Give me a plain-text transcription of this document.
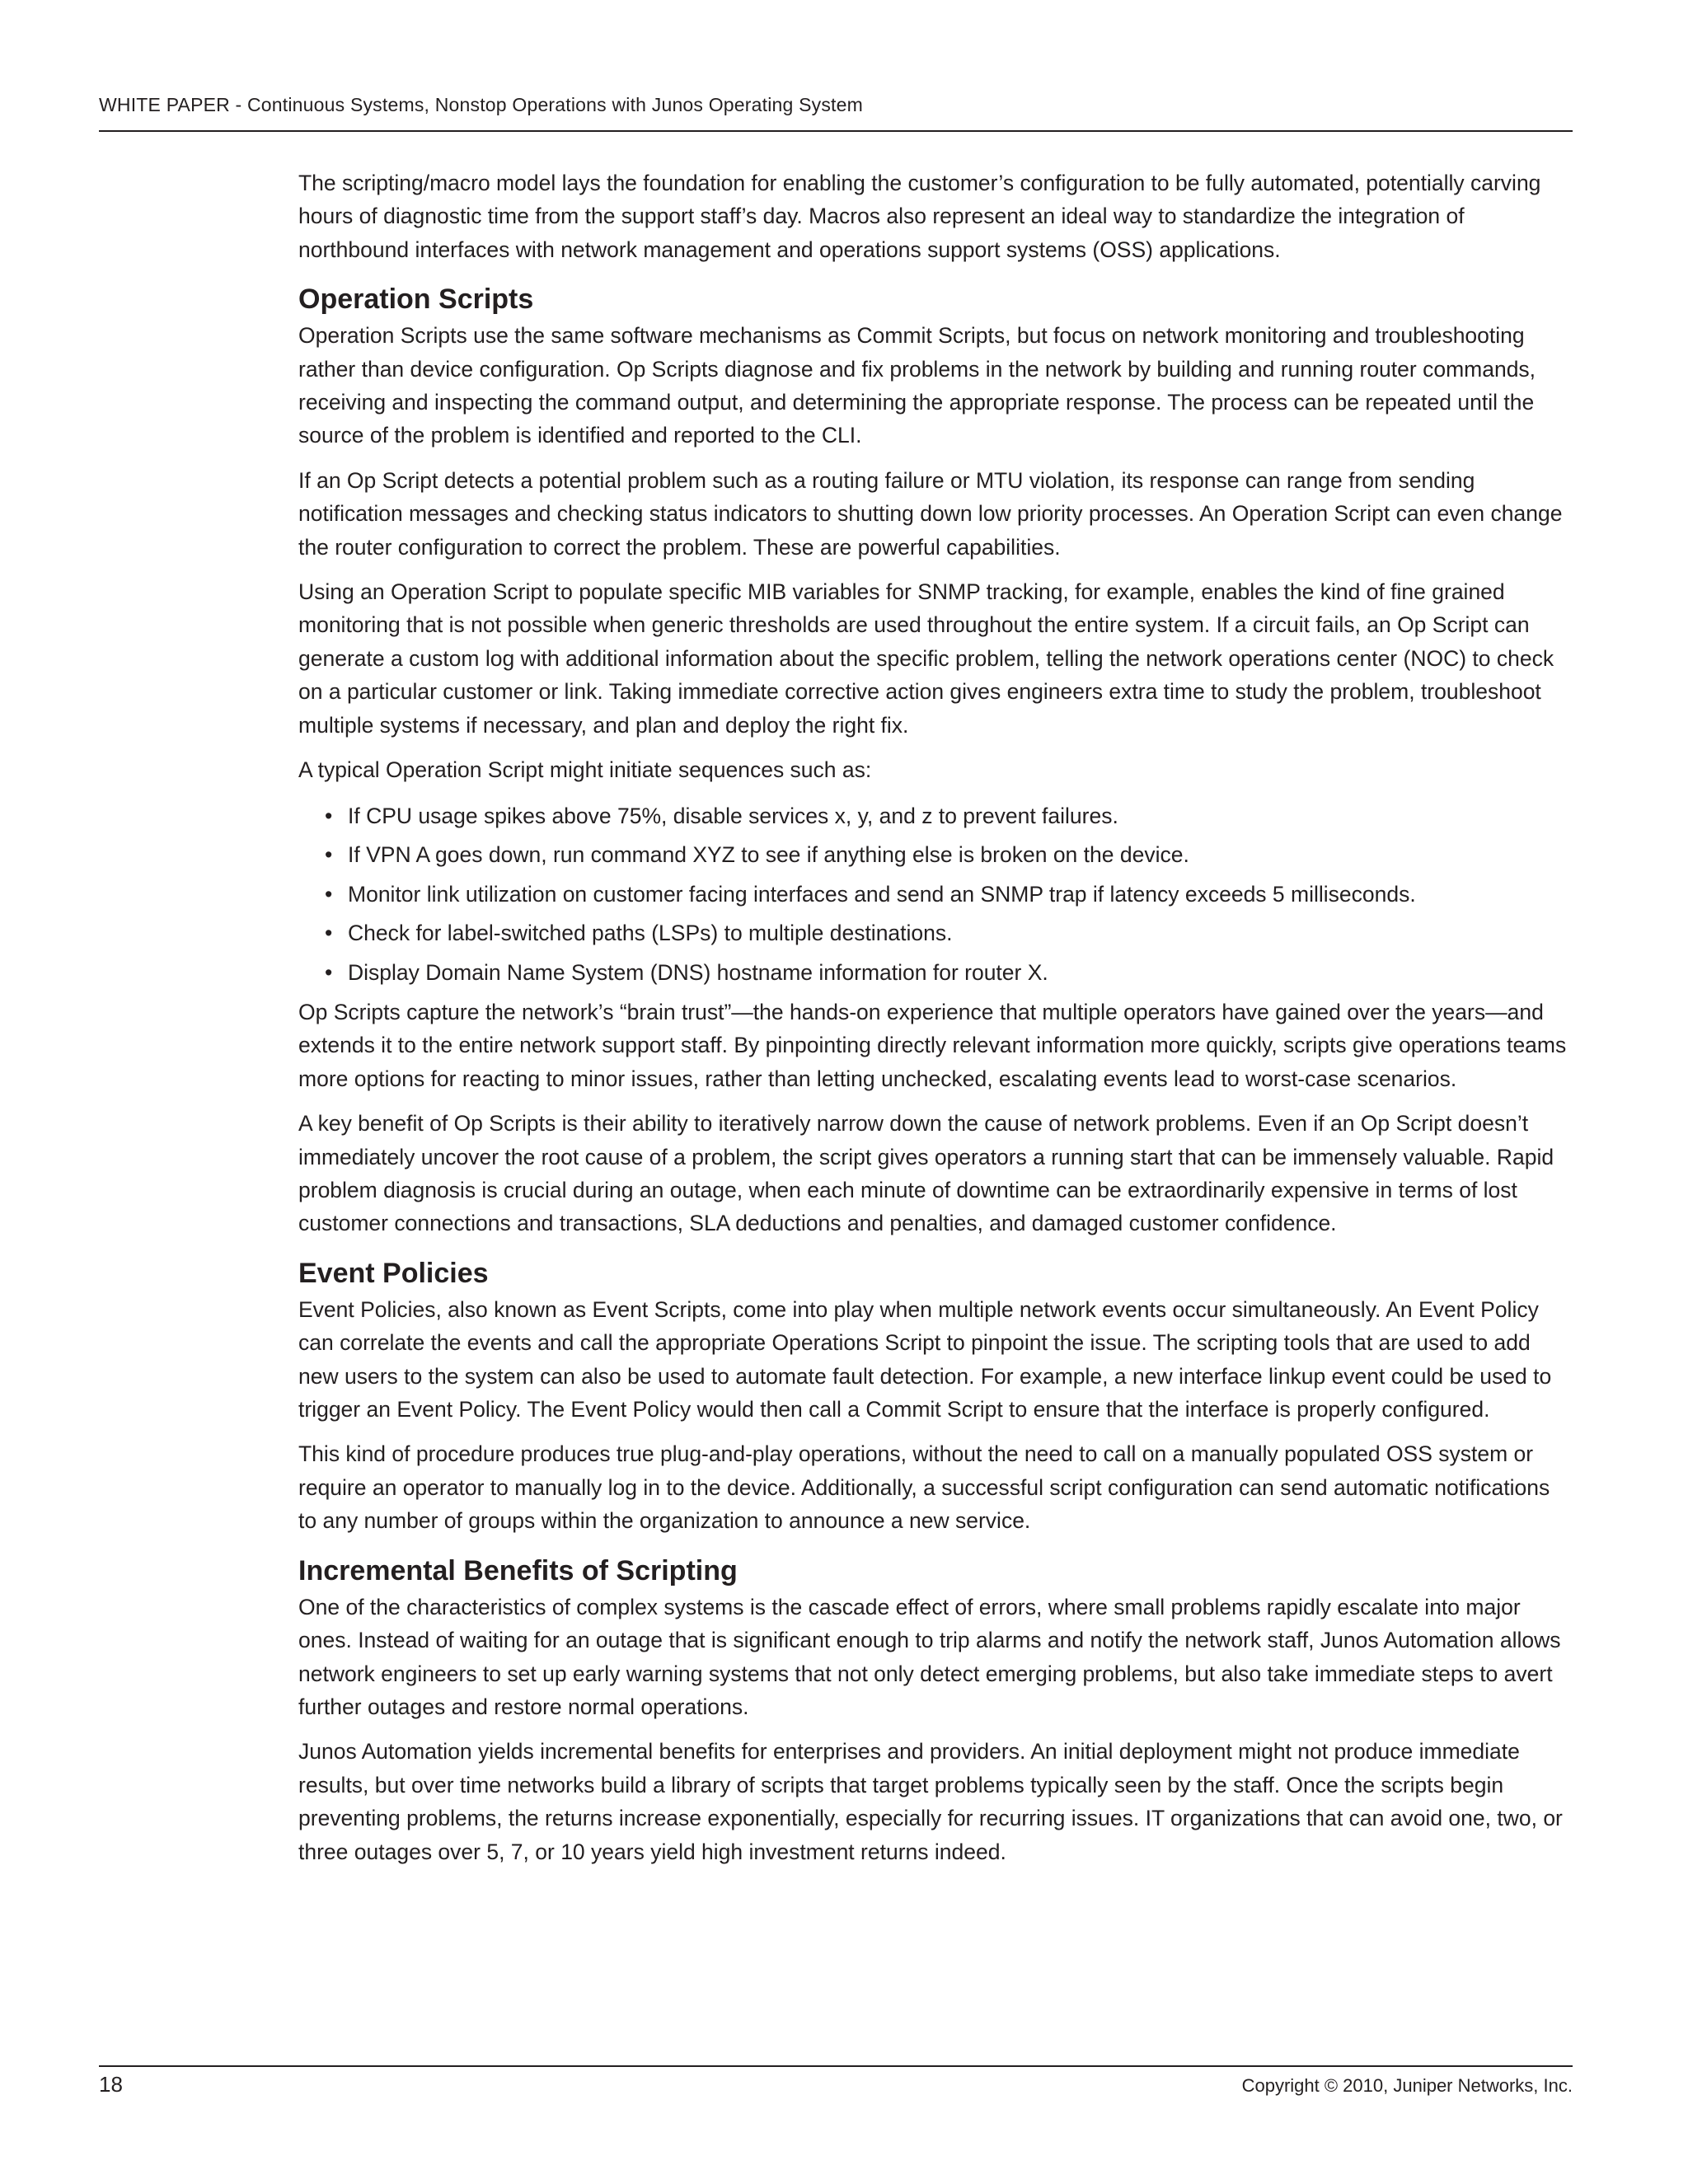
WHITE PAPER - Continuous Systems, Nonstop Operations with Junos Operating System

The scripting/macro model lays the foundation for enabling the customer’s configuration to be fully automated, potentially carving hours of diagnostic time from the support staff’s day. Macros also represent an ideal way to standardize the integration of northbound interfaces with network management and operations support systems (OSS) applications.

Operation Scripts

Operation Scripts use the same software mechanisms as Commit Scripts, but focus on network monitoring and troubleshooting rather than device configuration. Op Scripts diagnose and fix problems in the network by building and running router commands, receiving and inspecting the command output, and determining the appropriate response. The process can be repeated until the source of the problem is identified and reported to the CLI.

If an Op Script detects a potential problem such as a routing failure or MTU violation, its response can range from sending notification messages and checking status indicators to shutting down low priority processes. An Operation Script can even change the router configuration to correct the problem. These are powerful capabilities.

Using an Operation Script to populate specific MIB variables for SNMP tracking, for example, enables the kind of fine grained monitoring that is not possible when generic thresholds are used throughout the entire system. If a circuit fails, an Op Script can generate a custom log with additional information about the specific problem, telling the network operations center (NOC) to check on a particular customer or link. Taking immediate corrective action gives engineers extra time to study the problem, troubleshoot multiple systems if necessary, and plan and deploy the right fix.

A typical Operation Script might initiate sequences such as:

• If CPU usage spikes above 75%, disable services x, y, and z to prevent failures.
• If VPN A goes down, run command XYZ to see if anything else is broken on the device.
• Monitor link utilization on customer facing interfaces and send an SNMP trap if latency exceeds 5 milliseconds.
• Check for label-switched paths (LSPs) to multiple destinations.
• Display Domain Name System (DNS) hostname information for router X.

Op Scripts capture the network’s “brain trust”—the hands-on experience that multiple operators have gained over the years—and extends it to the entire network support staff. By pinpointing directly relevant information more quickly, scripts give operations teams more options for reacting to minor issues, rather than letting unchecked, escalating events lead to worst-case scenarios.

A key benefit of Op Scripts is their ability to iteratively narrow down the cause of network problems. Even if an Op Script doesn’t immediately uncover the root cause of a problem, the script gives operators a running start that can be immensely valuable. Rapid problem diagnosis is crucial during an outage, when each minute of downtime can be extraordinarily expensive in terms of lost customer connections and transactions, SLA deductions and penalties, and damaged customer confidence.

Event Policies

Event Policies, also known as Event Scripts, come into play when multiple network events occur simultaneously. An Event Policy can correlate the events and call the appropriate Operations Script to pinpoint the issue. The scripting tools that are used to add new users to the system can also be used to automate fault detection. For example, a new interface linkup event could be used to trigger an Event Policy. The Event Policy would then call a Commit Script to ensure that the interface is properly configured.

This kind of procedure produces true plug-and-play operations, without the need to call on a manually populated OSS system or require an operator to manually log in to the device. Additionally, a successful script configuration can send automatic notifications to any number of groups within the organization to announce a new service.

Incremental Benefits of Scripting

One of the characteristics of complex systems is the cascade effect of errors, where small problems rapidly escalate into major ones. Instead of waiting for an outage that is significant enough to trip alarms and notify the network staff, Junos Automation allows network engineers to set up early warning systems that not only detect emerging problems, but also take immediate steps to avert further outages and restore normal operations.

Junos Automation yields incremental benefits for enterprises and providers. An initial deployment might not produce immediate results, but over time networks build a library of scripts that target problems typically seen by the staff. Once the scripts begin preventing problems, the returns increase exponentially, especially for recurring issues. IT organizations that can avoid one, two, or three outages over 5, 7, or 10 years yield high investment returns indeed.

18	Copyright © 2010, Juniper Networks, Inc.
